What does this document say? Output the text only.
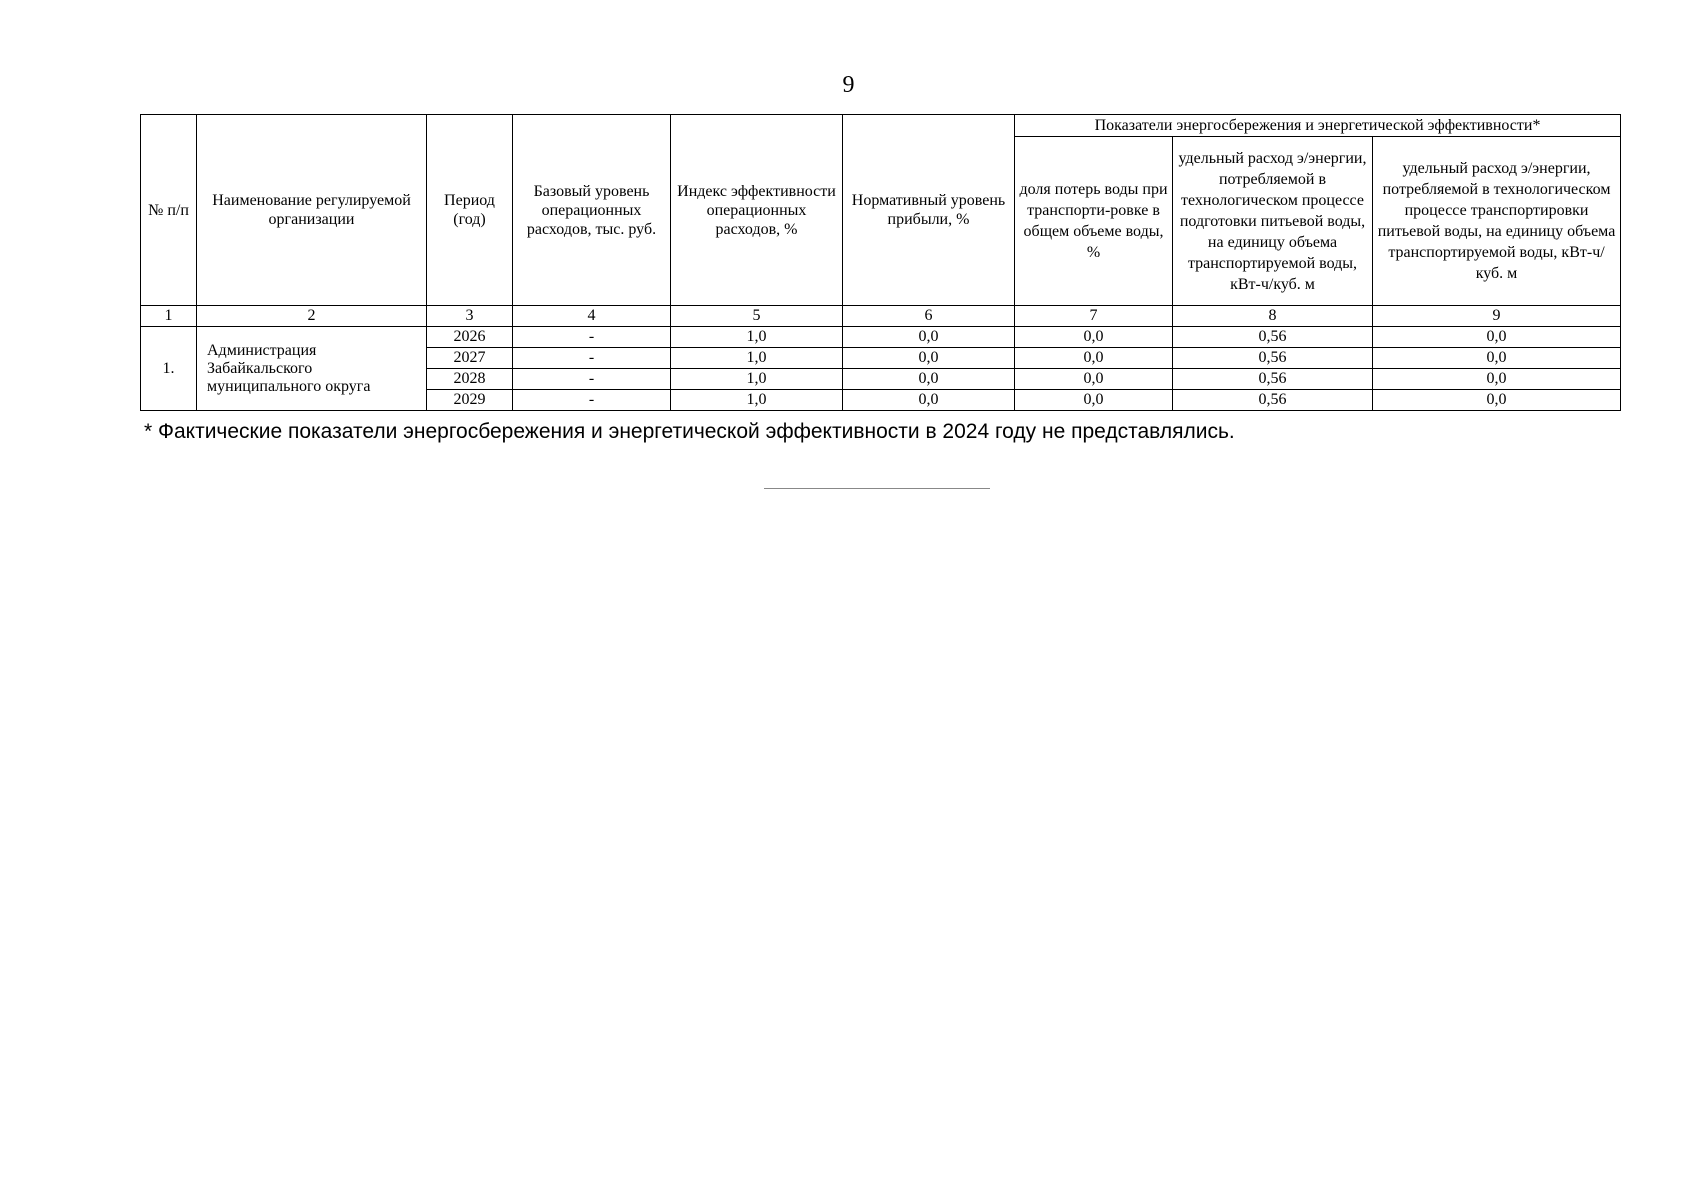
9
№ п/п	Наименование регулируемой организации	Период (год)	Базовый уровень операционных расходов, тыс. руб.	Индекс эффективности операционных расходов, %	Нормативный уровень прибыли, %	Показатели энергосбережения и энергетической эффективности*		
						доля потерь воды при транспорти-ровке в общем объеме воды, %	удельный расход э/энергии, потребляемой в технологическом процессе подготовки питьевой воды, на единицу объема транспортируемой воды, кВт-ч/куб. м	удельный расход э/энергии, потребляемой в технологическом процессе транспортировки питьевой воды, на единицу объема транспортируемой воды, кВт-ч/куб. м
1	2	3	4	5	6	7	8	9
1.	Администрация Забайкальского муниципального округа	2026	-	1,0	0,0	0,0	0,56	0,0
		2027	-	1,0	0,0	0,0	0,56	0,0
		2028	-	1,0	0,0	0,0	0,56	0,0
		2029	-	1,0	0,0	0,0	0,56	0,0
* Фактические показатели энергосбережения и энергетической эффективности в 2024 году не представлялись.
